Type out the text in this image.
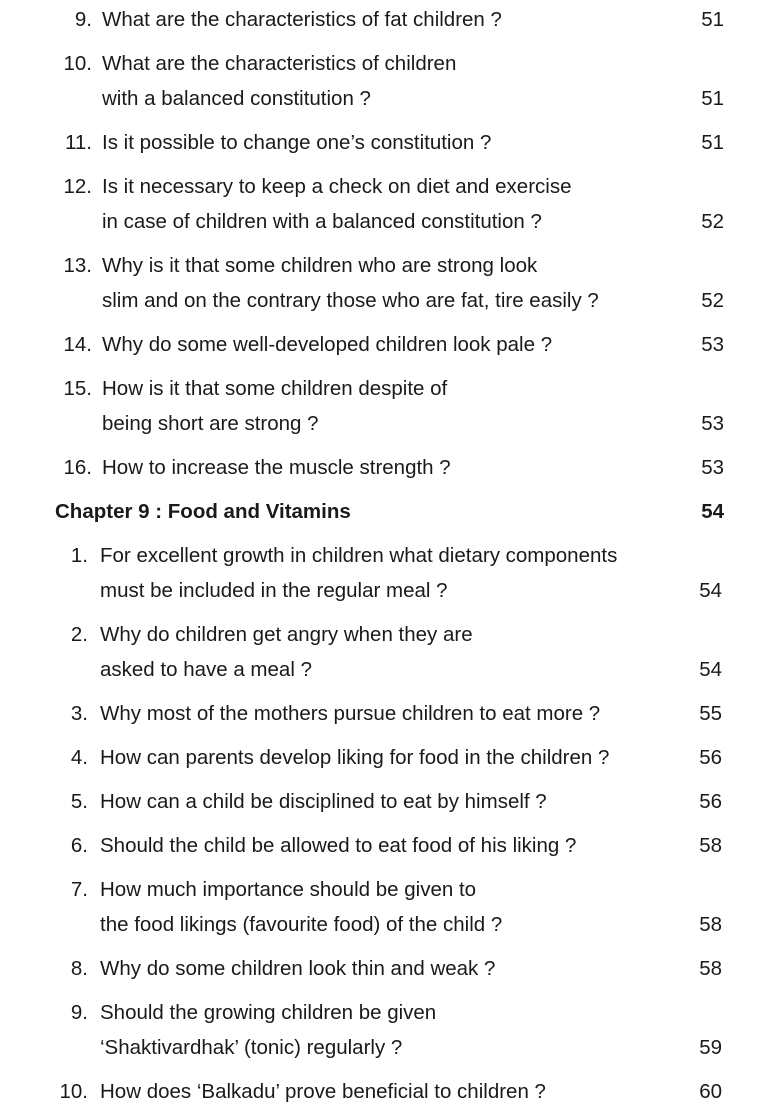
9. What are the characteristics of fat children ?	51
10. What are the characteristics of children
with a balanced constitution ?	51
11. Is it possible to change one’s constitution ?	51
12. Is it necessary to keep a check on diet and exercise
in case of children with a balanced constitution ?	52
13. Why is it that some children who are strong look
slim and on the contrary those who are fat, tire easily ?	52
14. Why do some well-developed children look pale ?	53
15. How is it that some children despite of
being short are strong ?	53
16. How to increase the muscle strength ?	53
Chapter 9 : Food and Vitamins	54
1. For excellent growth in children what dietary components
must be included in the regular meal ?	54
2. Why do children get angry when they are
asked to have a meal ?	54
3. Why most of the mothers pursue children to eat more ?	55
4. How can parents develop liking for food in the children ?	56
5. How can a child be disciplined to eat by himself ?	56
6. Should the child be allowed to eat food of his liking ?	58
7. How much importance should be given to
the food likings (favourite food) of the child ?	58
8. Why do some children look thin and weak ?	58
9. Should the growing children be given
‘Shaktivardhak’ (tonic) regularly ?	59
10. How does ‘Balkadu’ prove beneficial to children ?	60
